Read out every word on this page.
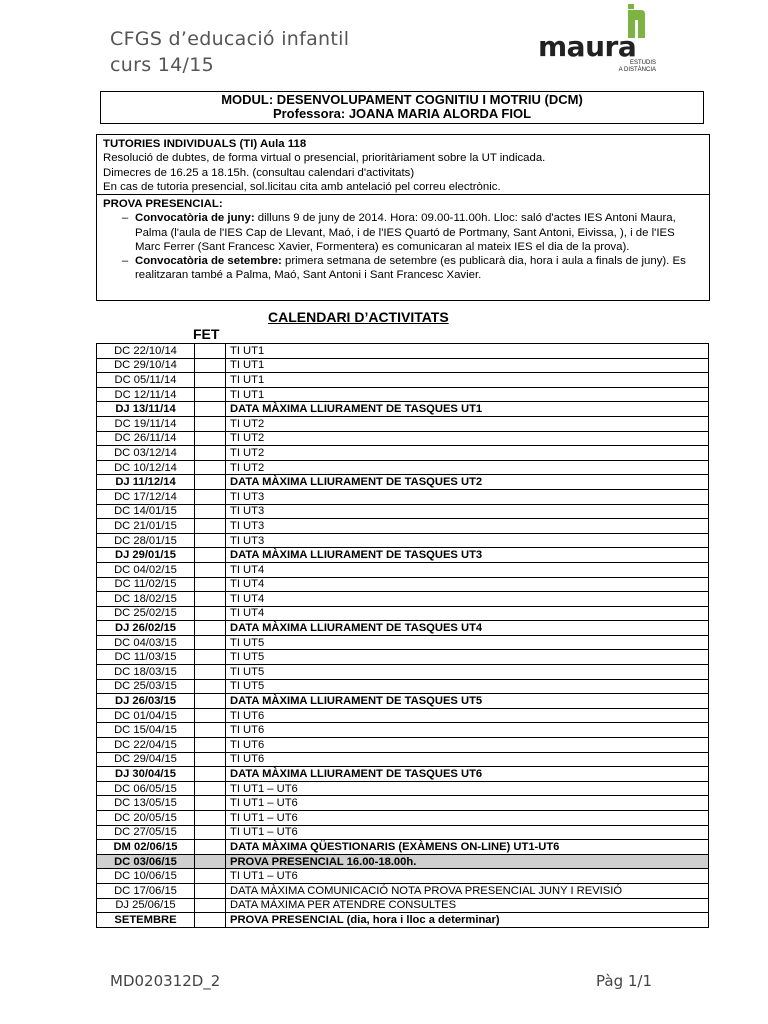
CFGS d’educació infantil
curs 14/15
maura
ESTUDIS
A DISTÀNCIA
MODUL: DESENVOLUPAMENT COGNITIU I MOTRIU (DCM)
Professora: JOANA MARIA ALORDA FIOL
TUTORIES INDIVIDUALS (TI) Aula 118
Resolució de dubtes, de forma virtual o presencial, prioritàriament sobre la UT indicada.
Dimecres de 16.25 a 18.15h. (consultau calendari d'activitats)
En cas de tutoria presencial, sol.licitau cita amb antelació pel correu electrònic.
PROVA PRESENCIAL:
– Convocatòria de juny: dilluns 9 de juny de 2014. Hora: 09.00-11.00h. Lloc: saló d'actes IES Antoni Maura, Palma (l'aula de l'IES Cap de Llevant, Maó, i de l'IES Quartó de Portmany, Sant Antoni, Eivissa, ), i de l'IES Marc Ferrer (Sant Francesc Xavier, Formentera) es comunicaran al mateix IES el dia de la prova).
– Convocatòria de setembre: primera setmana de setembre (es publicarà dia, hora i aula a finals de juny). Es realitzaran també a Palma, Maó, Sant Antoni i Sant Francesc Xavier.
CALENDARI D’ACTIVITATS
FET
DC 22/10/14		TI UT1
DC 29/10/14		TI UT1
DC 05/11/14		TI UT1
DC 12/11/14		TI UT1
DJ 13/11/14		DATA MÀXIMA LLIURAMENT DE TASQUES UT1
DC 19/11/14		TI UT2
DC 26/11/14		TI UT2
DC 03/12/14		TI UT2
DC 10/12/14		TI UT2
DJ 11/12/14		DATA MÀXIMA LLIURAMENT DE TASQUES UT2
DC 17/12/14		TI UT3
DC 14/01/15		TI UT3
DC 21/01/15		TI UT3
DC 28/01/15		TI UT3
DJ 29/01/15		DATA MÀXIMA LLIURAMENT DE TASQUES UT3
DC 04/02/15		TI UT4
DC 11/02/15		TI UT4
DC 18/02/15		TI UT4
DC 25/02/15		TI UT4
DJ 26/02/15		DATA MÀXIMA LLIURAMENT DE TASQUES UT4
DC 04/03/15		TI UT5
DC 11/03/15		TI UT5
DC 18/03/15		TI UT5
DC 25/03/15		TI UT5
DJ 26/03/15		DATA MÀXIMA LLIURAMENT DE TASQUES UT5
DC 01/04/15		TI UT6
DC 15/04/15		TI UT6
DC 22/04/15		TI UT6
DC 29/04/15		TI UT6
DJ 30/04/15		DATA MÀXIMA LLIURAMENT DE TASQUES UT6
DC 06/05/15		TI UT1 – UT6
DC 13/05/15		TI UT1 – UT6
DC 20/05/15		TI UT1 – UT6
DC 27/05/15		TI UT1 – UT6
DM 02/06/15		DATA MÀXIMA QÜESTIONARIS (EXÀMENS ON-LINE) UT1-UT6
DC 03/06/15		PROVA PRESENCIAL 16.00-18.00h.
DC 10/06/15		TI UT1 – UT6
DC 17/06/15		DATA MÀXIMA COMUNICACIÓ NOTA PROVA PRESENCIAL JUNY I REVISIÓ
DJ 25/06/15		DATA MÀXIMA PER ATENDRE CONSULTES
SETEMBRE		PROVA PRESENCIAL (dia, hora i lloc a determinar)
MD020312D_2	Pàg 1/1
